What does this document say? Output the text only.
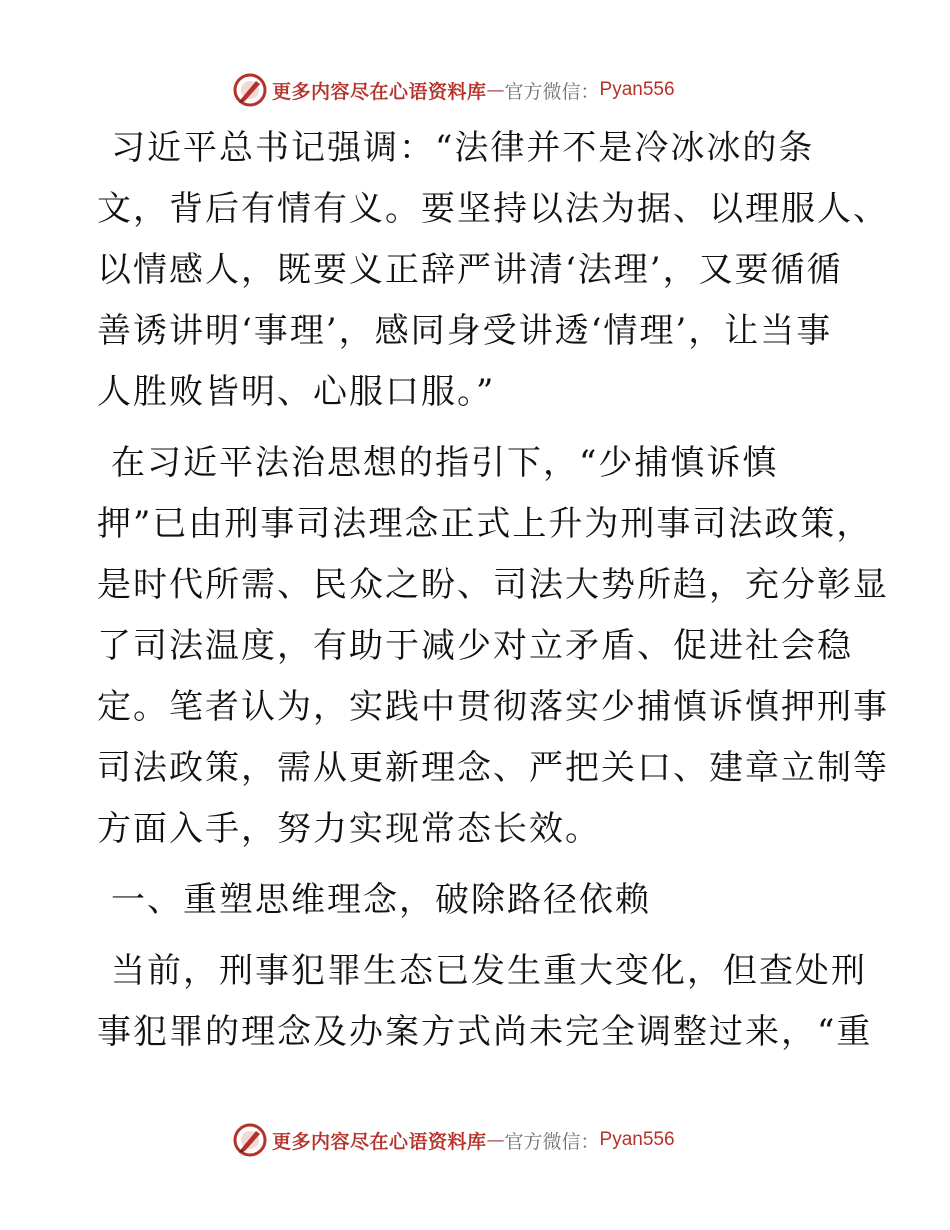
更多内容尽在心语资料库 — 官方微信： Pyan556

习近平总书记强调：“法律并不是冷冰冰的条
文，背后有情有义。要坚持以法为据、以理服人、
以情感人，既要义正辞严讲清‘法理’，又要循循
善诱讲明‘事理’，感同身受讲透‘情理’，让当事
人胜败皆明、心服口服。”

在习近平法治思想的指引下，“少捕慎诉慎
押”已由刑事司法理念正式上升为刑事司法政策，
是时代所需、民众之盼、司法大势所趋，充分彰显
了司法温度，有助于减少对立矛盾、促进社会稳
定。笔者认为，实践中贯彻落实少捕慎诉慎押刑事
司法政策，需从更新理念、严把关口、建章立制等
方面入手，努力实现常态长效。

一、重塑思维理念，破除路径依赖

当前，刑事犯罪生态已发生重大变化，但查处刑
事犯罪的理念及办案方式尚未完全调整过来，“重

更多内容尽在心语资料库 — 官方微信： Pyan556
